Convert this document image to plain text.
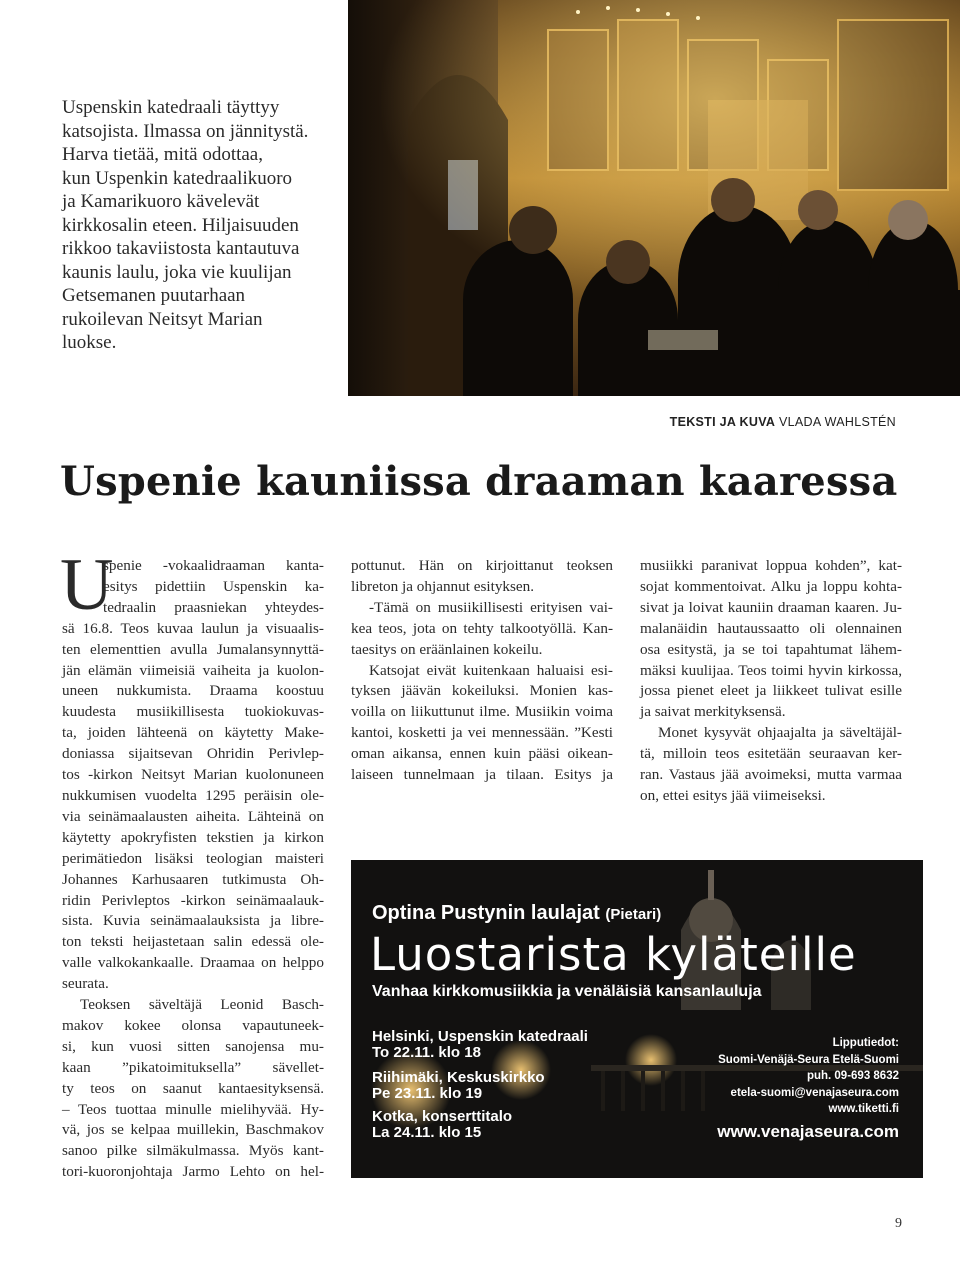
Uspenskin katedraali täyttyy
katsojista. Ilmassa on jännitystä.
Harva tietää, mitä odottaa,
kun Uspenkin katedraalikuoro
ja Kamarikuoro kävelevät
kirkkosalin eteen. Hiljaisuuden
rikkoo takaviistosta kantautuva
kaunis laulu, joka vie kuulijan
Getsemanen puutarhaan
rukoilevan Neitsyt Marian
luokse.
TEKSTI JA KUVA VLADA WAHLSTÉN
Uspenie kauniissa draaman kaaressa
U
spenie -vokaalidraaman kanta-
esitys pidettiin Uspenskin ka-
tedraalin praasniekan yhteydes-
sä 16.8. Teos kuvaa laulun ja visuaalis-
ten elementtien avulla Jumalansynnyttä-
jän elämän viimeisiä vaiheita ja kuolon-
uneen nukkumista. Draama koostuu
kuudesta musiikillisesta tuokiokuvas-
ta, joiden lähteenä on käytetty Make-
doniassa sijaitsevan Ohridin Perivlep-
tos -kirkon Neitsyt Marian kuolonuneen
nukkumisen vuodelta 1295 peräisin ole-
via seinämaalausten aiheita. Lähteinä on
käytetty apokryfisten tekstien ja kirkon
perimätiedon lisäksi teologian maisteri
Johannes Karhusaaren tutkimusta Oh-
ridin Perivleptos -kirkon seinämaalauk-
sista. Kuvia seinämaalauksista ja libre-
ton teksti heijastetaan salin edessä ole-
valle valkokankaalle. Draamaa on helppo
seurata.
Teoksen säveltäjä Leonid Basch-
makov kokee olonsa vapautuneek-
si, kun vuosi sitten sanojensa mu-
kaan ”pikatoimituksella” sävellet-
ty teos on saanut kantaesityksensä.
– Teos tuottaa minulle mielihyvää. Hy-
vä, jos se kelpaa muillekin, Baschmakov
sanoo pilke silmäkulmassa. Myös kant-
tori-kuoronjohtaja Jarmo Lehto on hel-
pottunut. Hän on kirjoittanut teoksen
libreton ja ohjannut esityksen.
-Tämä on musiikillisesti erityisen vai-
kea teos, jota on tehty talkootyöllä. Kan-
taesitys on eräänlainen kokeilu.
Katsojat eivät kuitenkaan haluaisi esi-
tyksen jäävän kokeiluksi. Monien kas-
voilla on liikuttunut ilme. Musiikin voima
kantoi, kosketti ja vei mennessään. ”Kesti
oman aikansa, ennen kuin pääsi oikean-
laiseen tunnelmaan ja tilaan. Esitys ja
musiikki paranivat loppua kohden”, kat-
sojat kommentoivat. Alku ja loppu kohta-
sivat ja loivat kauniin draaman kaaren. Ju-
malanäidin hautaussaatto oli olennainen
osa esitystä, ja se toi tapahtumat lähem-
mäksi kuulijaa. Teos toimi hyvin kirkossa,
jossa pienet eleet ja liikkeet tulivat esille
ja saivat merkityksensä.
Monet kysyvät ohjaajalta ja säveltäjäl-
tä, milloin teos esitetään seuraavan ker-
ran. Vastaus jää avoimeksi, mutta varmaa
on, ettei esitys jää viimeiseksi.
Optina Pustynin laulajat (Pietari)
Luostarista kyläteille
Vanhaa kirkkomusiikkia ja venäläisiä kansanlauluja
Helsinki, Uspenskin katedraali
To 22.11. klo 18
Riihimäki, Keskuskirkko
Pe 23.11. klo 19
Kotka, konserttitalo
La 24.11. klo 15
Lipputiedot:
Suomi-Venäjä-Seura Etelä-Suomi
puh. 09-693 8632
etela-suomi@venajaseura.com
www.tiketti.fi
www.venajaseura.com
9
